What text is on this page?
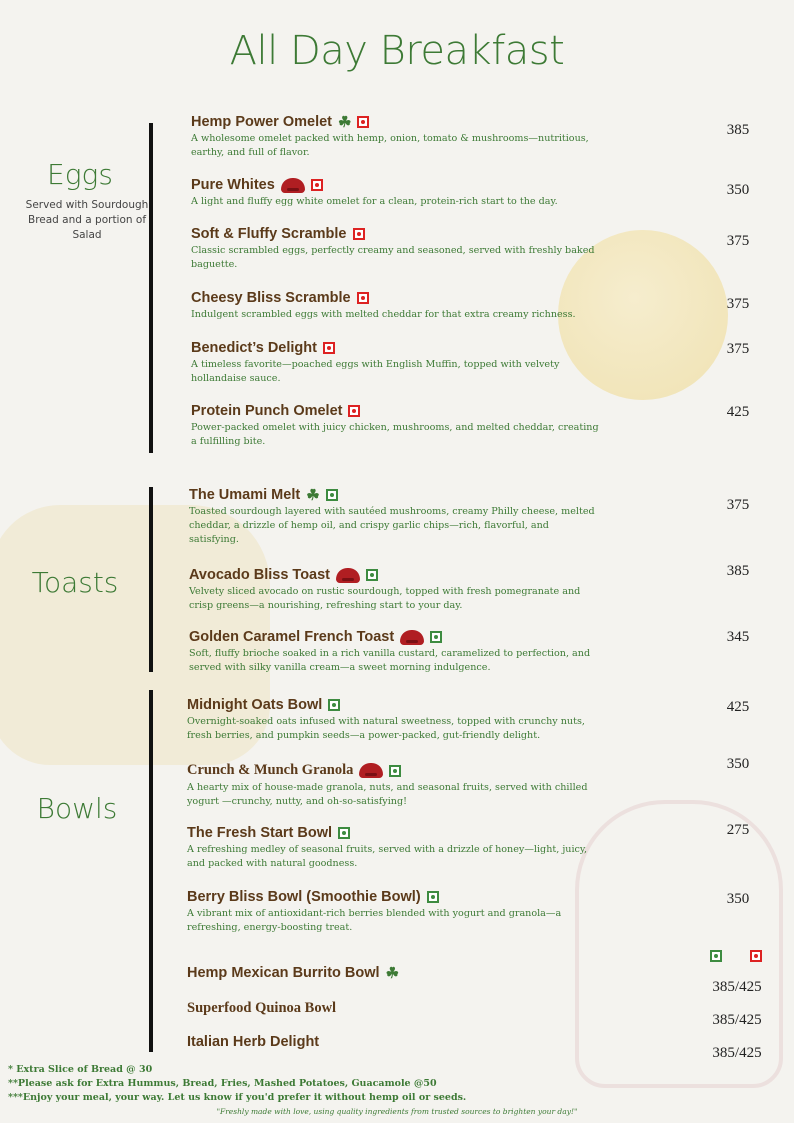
All Day Breakfast
Eggs
Served with Sourdough Bread and a portion of Salad
Toasts
Bowls
Hemp Power Omelet ☘
A wholesome omelet packed with hemp, onion, tomato & mushrooms—nutritious, earthy, and full of flavor.
385
Pure Whites
A light and fluffy egg white omelet for a clean, protein-rich start to the day.
350
Soft & Fluffy Scramble
Classic scrambled eggs, perfectly creamy and seasoned, served with freshly baked baguette.
375
Cheesy Bliss Scramble
Indulgent scrambled eggs with melted cheddar for that extra creamy richness.
375
Benedict’s Delight
A timeless favorite—poached eggs with English Muffin, topped with velvety hollandaise sauce.
375
Protein Punch Omelet
Power-packed omelet with juicy chicken, mushrooms, and melted cheddar, creating a fulfilling bite.
425
The Umami Melt ☘
Toasted sourdough layered with sautéed mushrooms, creamy Philly cheese, melted cheddar, a drizzle of hemp oil, and crispy garlic chips—rich, flavorful, and satisfying.
375
Avocado Bliss Toast
Velvety sliced avocado on rustic sourdough, topped with fresh pomegranate and crisp greens—a nourishing, refreshing start to your day.
385
Golden Caramel French Toast
Soft, fluffy brioche soaked in a rich vanilla custard, caramelized to perfection, and served with silky vanilla cream—a sweet morning indulgence.
345
Midnight Oats Bowl
Overnight-soaked oats infused with natural sweetness, topped with crunchy nuts, fresh berries, and pumpkin seeds—a power-packed, gut-friendly delight.
425
Crunch & Munch Granola
A hearty mix of house-made granola, nuts, and seasonal fruits, served with chilled yogurt —crunchy, nutty, and oh-so-satisfying!
350
The Fresh Start Bowl
A refreshing medley of seasonal fruits, served with a drizzle of honey—light, juicy, and packed with natural goodness.
275
Berry Bliss Bowl (Smoothie Bowl)
A vibrant mix of antioxidant-rich berries blended with yogurt and granola—a refreshing, energy-boosting treat.
350
Hemp Mexican Burrito Bowl ☘
385/425
Superfood Quinoa Bowl
385/425
Italian Herb Delight
385/425
* Extra Slice of Bread @ 30
**Please ask for Extra Hummus, Bread, Fries, Mashed Potatoes, Guacamole @50
***Enjoy your meal, your way. Let us know if you'd prefer it without hemp oil or seeds.
"Freshly made with love, using quality ingredients from trusted sources to brighten your day!"
